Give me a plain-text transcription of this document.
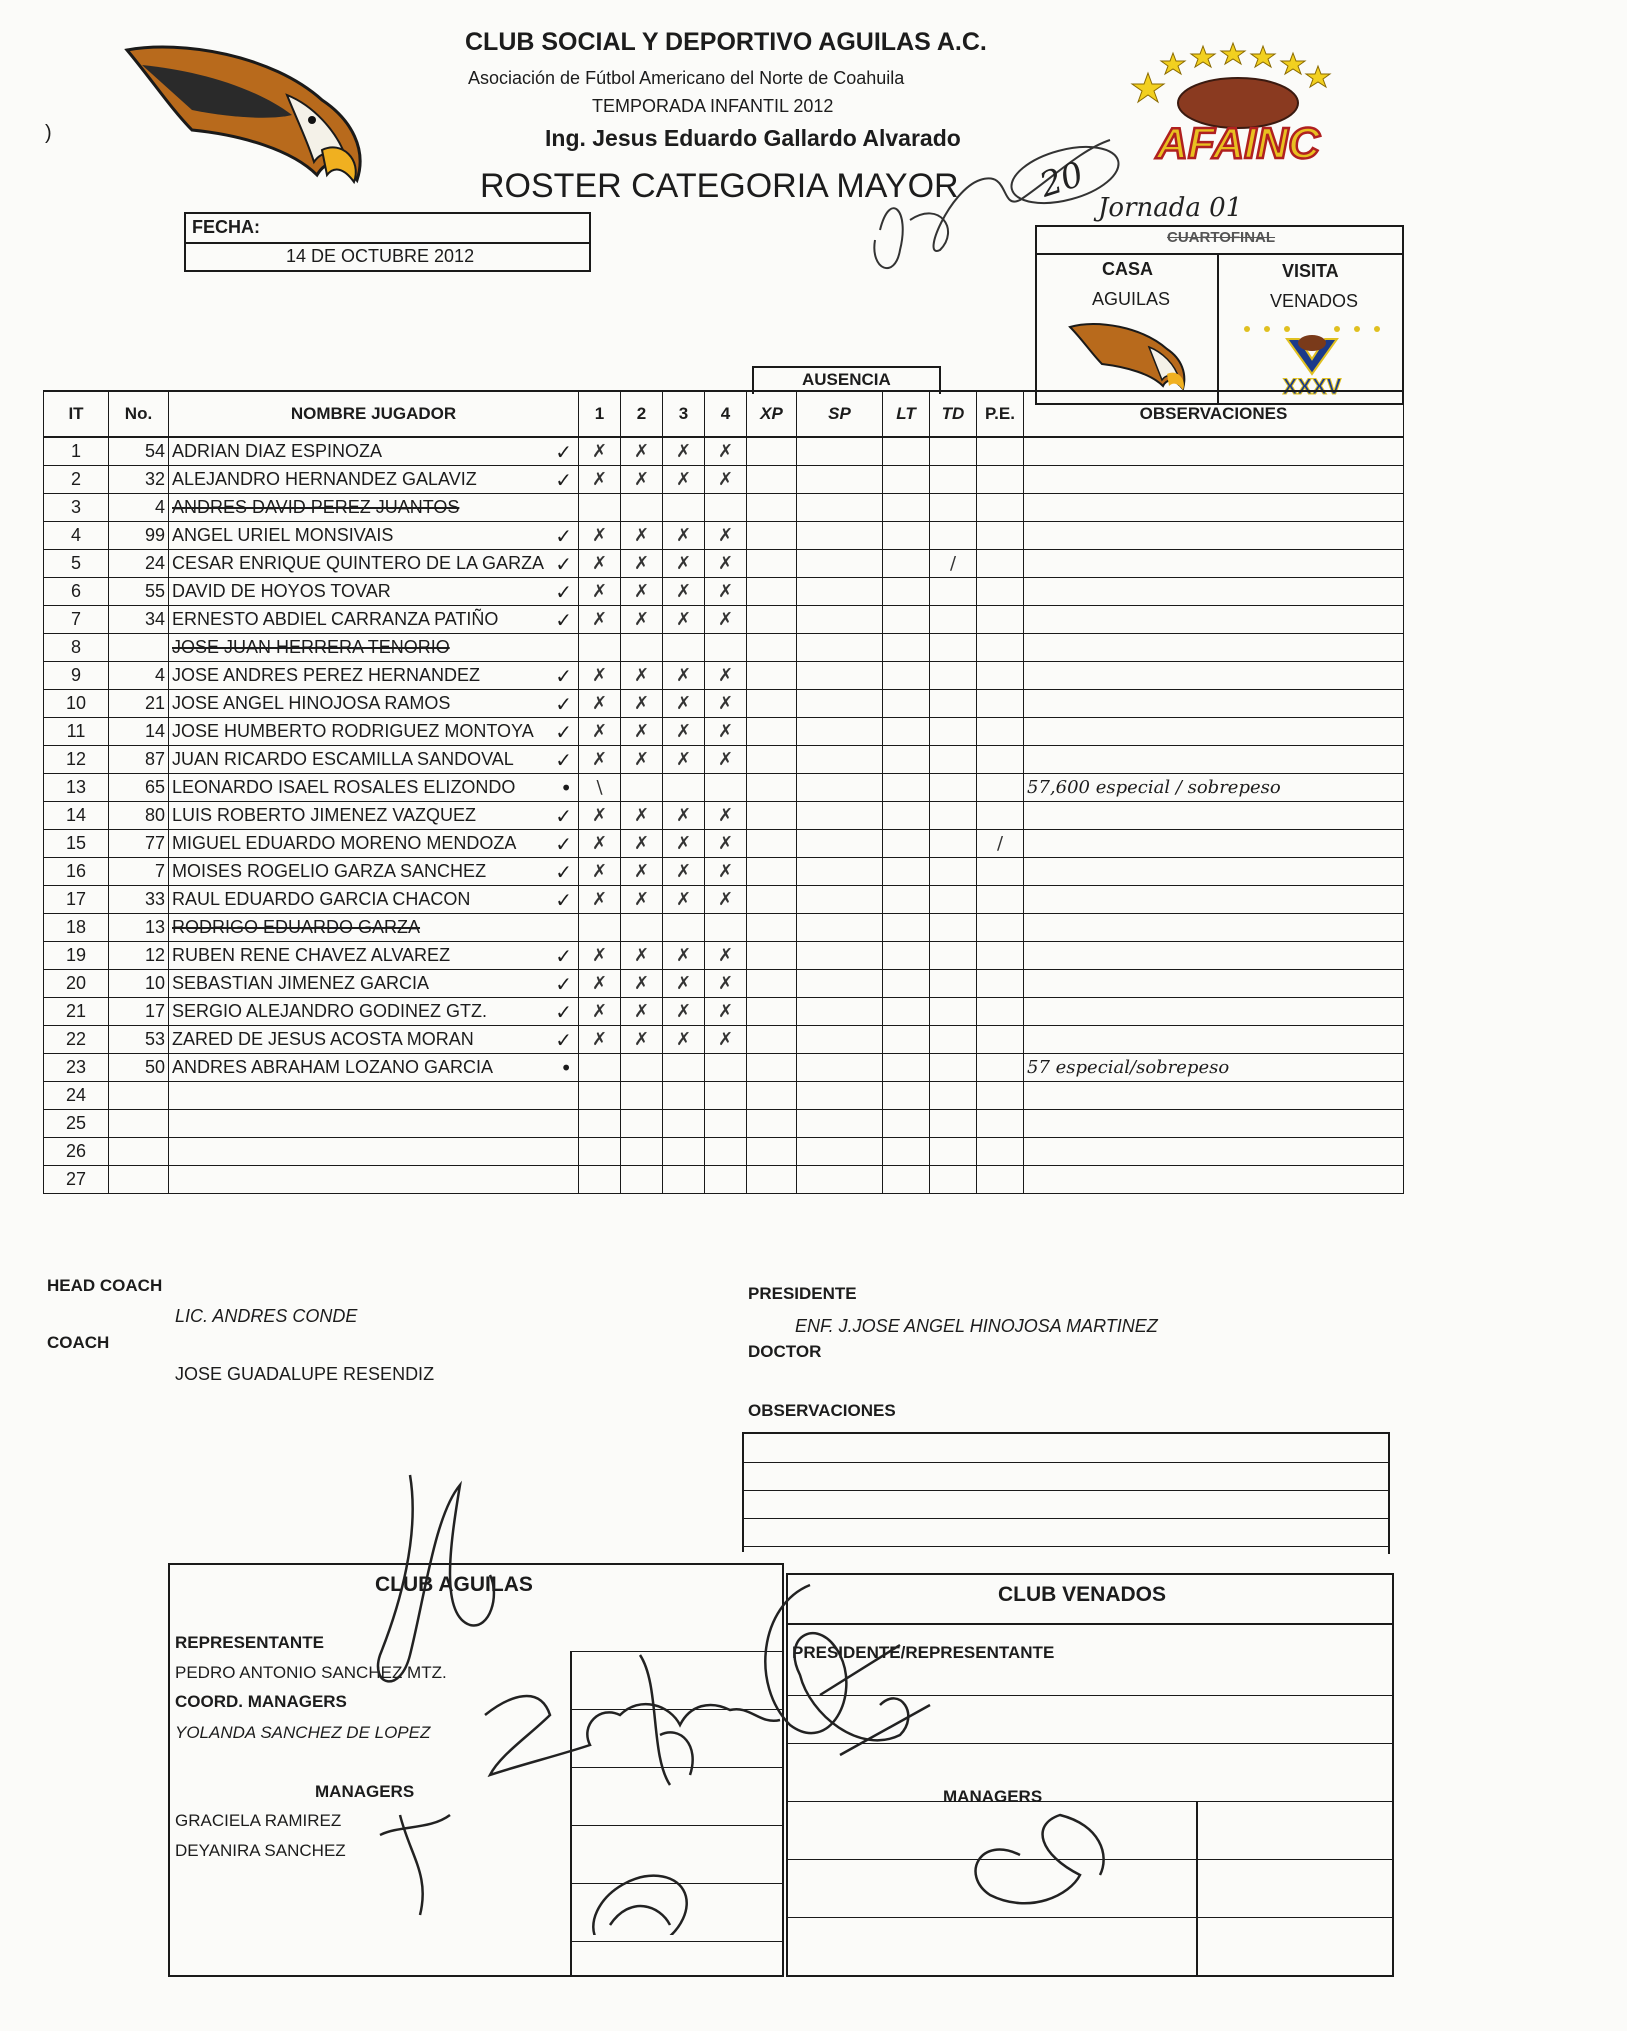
CLUB SOCIAL Y DEPORTIVO AGUILAS A.C.
Asociación de Fútbol Americano del Norte de Coahuila
TEMPORADA INFANTIL 2012
Ing. Jesus Eduardo Gallardo Alvarado
ROSTER CATEGORIA MAYOR
)	AFAINC
20
Jornada 01
FECHA:
14 DE OCTUBRE 2012
CUARTOFINAL
CASA	VISITA
AGUILAS	VENADOS
XXXV
AUSENCIA
IT	No.	NOMBRE JUGADOR	1	2	3	4	XP	SP	LT	TD	P.E.	OBSERVACIONES
1	54	ADRIAN DIAZ ESPINOZA ✓	✗	✗	✗	✗						
2	32	ALEJANDRO HERNANDEZ GALAVIZ ✓	✗	✗	✗	✗						
3	4	ANDRES DAVID PEREZ JUANTOS										
4	99	ANGEL URIEL MONSIVAIS ✓	✗	✗	✗	✗						
5	24	CESAR ENRIQUE QUINTERO DE LA GARZA ✓	✗	✗	✗	✗				/		
6	55	DAVID DE HOYOS TOVAR ✓	✗	✗	✗	✗						
7	34	ERNESTO ABDIEL CARRANZA PATIÑO ✓	✗	✗	✗	✗						
8		JOSE JUAN HERRERA TENORIO										
9	4	JOSE ANDRES PEREZ HERNANDEZ ✓	✗	✗	✗	✗						
10	21	JOSE ANGEL HINOJOSA RAMOS ✓	✗	✗	✗	✗						
11	14	JOSE HUMBERTO RODRIGUEZ MONTOYA ✓	✗	✗	✗	✗						
12	87	JUAN RICARDO ESCAMILLA SANDOVAL ✓	✗	✗	✗	✗						
13	65	LEONARDO ISAEL ROSALES ELIZONDO •	\									57,600 especial / sobrepeso
14	80	LUIS ROBERTO JIMENEZ VAZQUEZ ✓	✗	✗	✗	✗						
15	77	MIGUEL EDUARDO MORENO MENDOZA ✓	✗	✗	✗	✗					/	
16	7	MOISES ROGELIO GARZA SANCHEZ ✓	✗	✗	✗	✗						
17	33	RAUL EDUARDO GARCIA CHACON ✓	✗	✗	✗	✗						
18	13	RODRIGO EDUARDO GARZA										
19	12	RUBEN RENE CHAVEZ ALVAREZ ✓	✗	✗	✗	✗						
20	10	SEBASTIAN JIMENEZ GARCIA ✓	✗	✗	✗	✗						
21	17	SERGIO ALEJANDRO GODINEZ GTZ. ✓	✗	✗	✗	✗						
22	53	ZARED DE JESUS ACOSTA MORAN ✓	✗	✗	✗	✗						
23	50	ANDRES ABRAHAM LOZANO GARCIA •										57 especial/sobrepeso
24												
25												
26												
27												
HEAD COACH
LIC. ANDRES CONDE
COACH
JOSE GUADALUPE RESENDIZ
PRESIDENTE
ENF. J.JOSE ANGEL HINOJOSA MARTINEZ
DOCTOR
OBSERVACIONES
CLUB AGUILAS
REPRESENTANTE
PEDRO ANTONIO SANCHEZ MTZ.
COORD. MANAGERS
YOLANDA SANCHEZ DE LOPEZ
MANAGERS
GRACIELA RAMIREZ
DEYANIRA SANCHEZ
CLUB VENADOS
PRESIDENTE/REPRESENTANTE
MANAGERS
